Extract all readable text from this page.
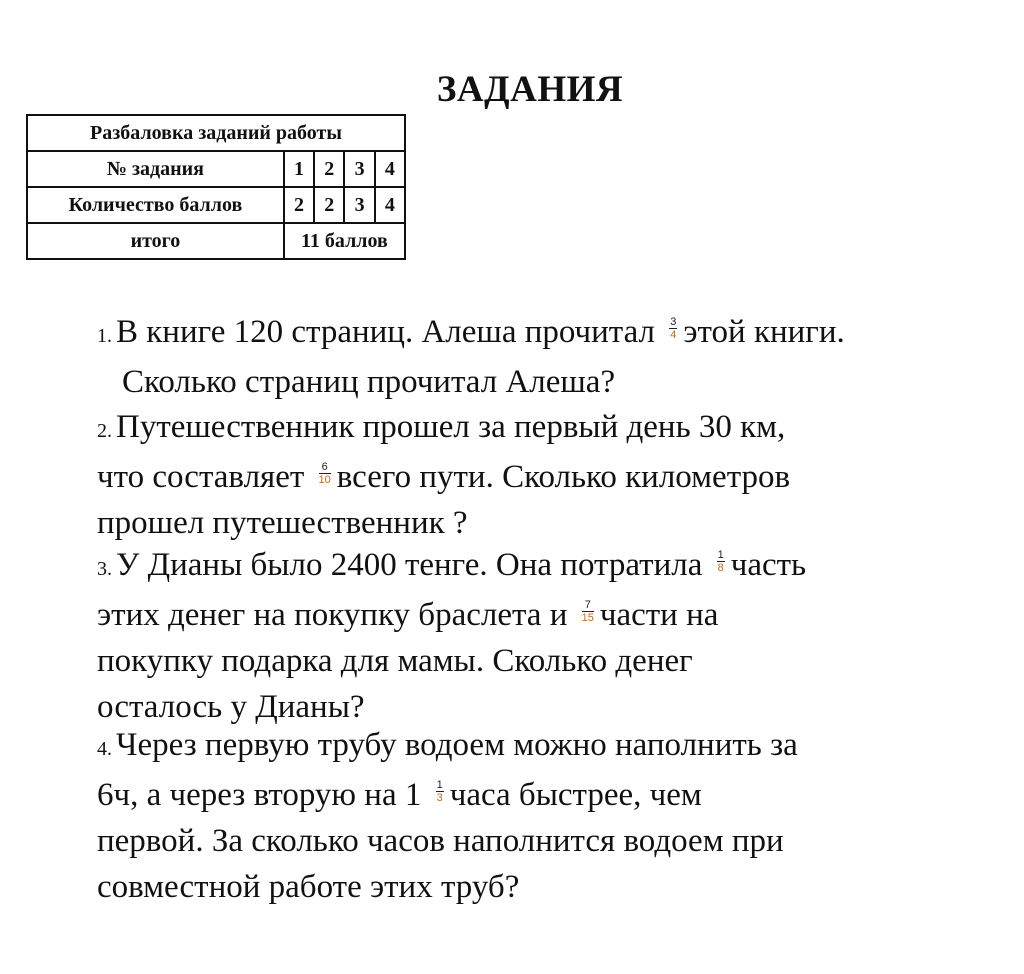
ЗАДАНИЯ
Разбаловка заданий работы				
№ задания	1	2	3	4
Количество баллов	2	2	3	4
итого	11 баллов			
1. В книге 120 страниц. Алеша прочитал $\frac{3}{4}$ этой книги.
Сколько страниц прочитал Алеша?
2. Путешественник прошел за первый день 30 км,
что составляет $\frac{6}{10}$ всего пути. Сколько километров
прошел путешественник ?
3. У Дианы было 2400 тенге. Она потратила $\frac{1}{8}$ часть
этих денег на покупку браслета и $\frac{7}{15}$ части на
покупку подарка для мамы. Сколько денег
осталось у Дианы?
4. Через первую трубу водоем можно наполнить за
6ч, а через вторую на $1 \frac{1}{3}$ часа быстрее, чем
первой. За сколько часов наполнится водоем при
совместной работе этих труб?
